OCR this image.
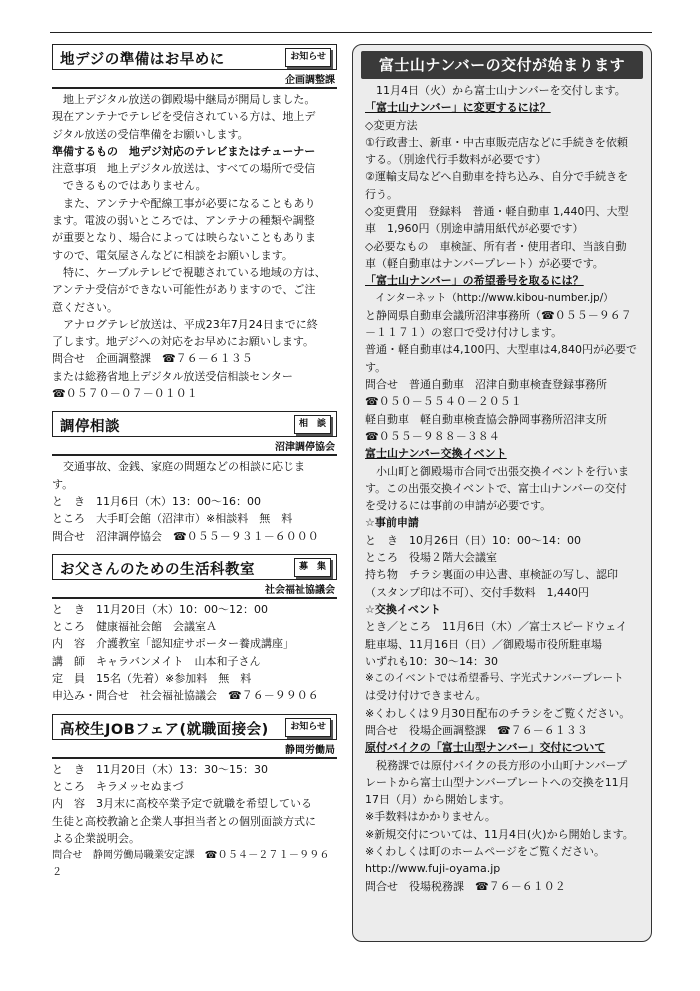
地デジの準備はお早めに	お知らせ
企画調整課

　地上デジタル放送の御殿場中継局が開局しました。

現在アンテナでテレビを受信されている方は、地上デ

ジタル放送の受信準備をお願いします。

準備するもの　地デジ対応のテレビまたはチューナー

注意事項　地上デジタル放送は、すべての場所で受信

　できるものではありません。

　また、アンテナや配線工事が必要になることもあり

ます。電波の弱いところでは、アンテナの種類や調整

が重要となり、場合によっては映らないこともありま

すので、電気屋さんなどに相談をお願いします。

　特に、ケーブルテレビで視聴されている地域の方は、

アンテナ受信ができない可能性がありますので、ご注

意ください。

　アナログテレビ放送は、平成23年7月24日までに終

了します。地デジへの対応をお早めにお願いします。

問合せ　企画調整課　☎７６－６１３５

または総務省地上デジタル放送受信相談センター

☎０５７０－０７－０１０１

調停相談	相　談
沼津調停協会

　交通事故、金銭、家庭の問題などの相談に応じま

す。

と　き　11月6日（木）13：00～16：00

ところ　大手町会館（沼津市）※相談料　無　料

問合せ　沼津調停協会　☎０５５－９３１－６０００

お父さんのための生活科教室	募　集
社会福祉協議会

と　き　11月20日（木）10：00～12：00

ところ　健康福祉会館　会議室Ａ

内　容　介護教室「認知症サポーター養成講座」

講　師　キャラバンメイト　山本和子さん

定　員　15名（先着）※参加料　無　料

申込み・問合せ　社会福祉協議会　☎７６－９９０６

高校生JOBフェア(就職面接会)	お知らせ
静岡労働局

と　き　11月20日（木）13：30～15：30

ところ　キラメッセぬまづ

内　容　3月末に高校卒業予定で就職を希望している

生徒と高校教諭と企業人事担当者との個別面談方式に

よる企業説明会。

問合せ　静岡労働局職業安定課　☎０５４－２７１－９９６２

富士山ナンバーの交付が始まります

　11月4日（火）から富士山ナンバーを交付します。

「富士山ナンバー」に変更するには？

◇変更方法

①行政書士、新車・中古車販売店などに手続きを依頼

する。（別途代行手数料が必要です）

②運輸支局などへ自動車を持ち込み、自分で手続きを

行う。

◇変更費用　登録料　普通・軽自動車 1,440円、大型

車　1,960円（別途申請用紙代が必要です）

◇必要なもの　車検証、所有者・使用者印、当該自動

車（軽自動車はナンバープレート）が必要です。

「富士山ナンバー」の希望番号を取るには？

　インターネット（http://www.kibou-number.jp/）

と静岡県自動車会議所沼津事務所（☎０５５－９６７

－１１７１）の窓口で受け付けします。

普通・軽自動車は4,100円、大型車は4,840円が必要で

す。

問合せ　普通自動車　沼津自動車検査登録事務所

☎０５０－５５４０－２０５１

軽自動車　軽自動車検査協会静岡事務所沼津支所

☎０５５－９８８－３８４

富士山ナンバー交換イベント

　小山町と御殿場市合同で出張交換イベントを行いま

す。この出張交換イベントで、富士山ナンバーの交付

を受けるには事前の申請が必要です。

☆事前申請

と　き　10月26日（日）10：00～14：00

ところ　役場２階大会議室

持ち物　チラシ裏面の申込書、車検証の写し、認印

（スタンプ印は不可）、交付手数料　1,440円

☆交換イベント

とき／ところ　11月6日（木）／富士スピードウェイ

駐車場、11月16日（日）／御殿場市役所駐車場

いずれも10：30～14：30

※このイベントでは希望番号、字光式ナンバープレート

は受け付けできません。

※くわしくは９月30日配布のチラシをご覧ください。

問合せ　役場企画調整課　☎７６－６１３３

原付バイクの「富士山型ナンバー」交付について

　税務課では原付バイクの長方形の小山町ナンバープ

レートから富士山型ナンバープレートへの交換を11月

17日（月）から開始します。

※手数料はかかりません。

※新規交付については、11月4日(火)から開始します。

※くわしくは町のホームページをご覧ください。

http://www.fuji-oyama.jp

問合せ　役場税務課　☎７６－６１０２
